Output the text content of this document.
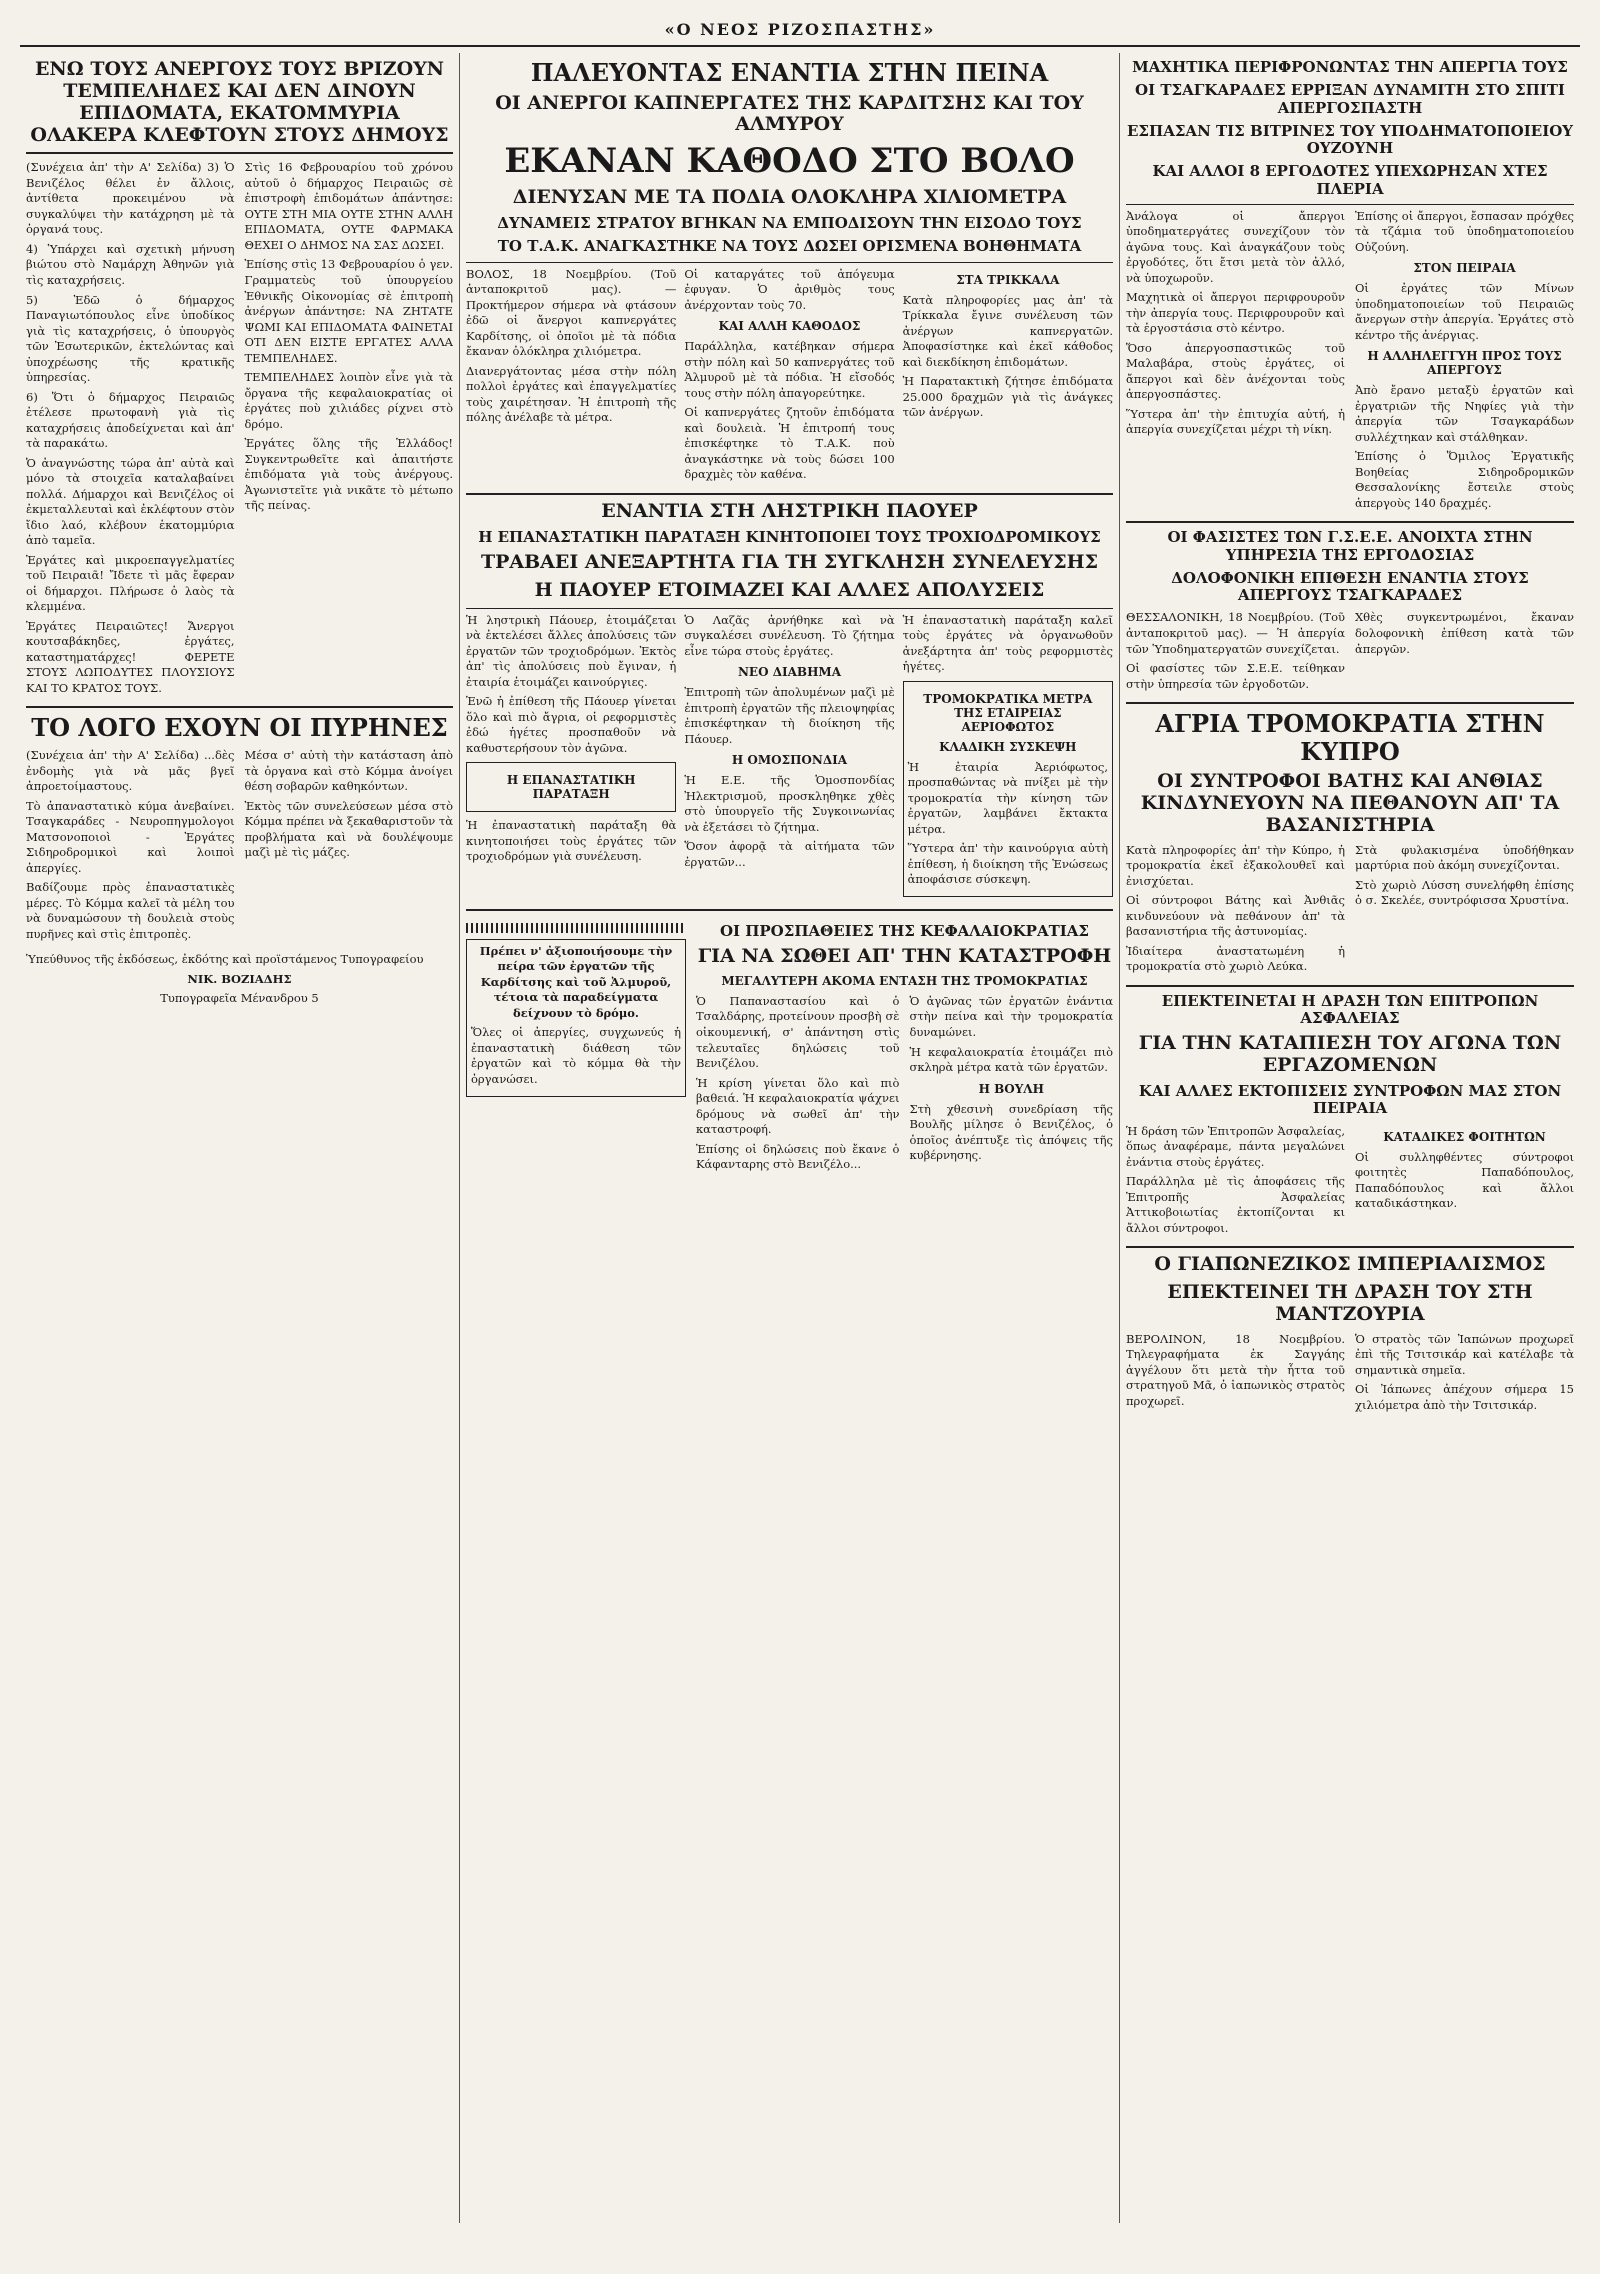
«Ο ΝΕΟΣ ΡΙΖΟΣΠΑΣΤΗΣ»
ΕΝΩ ΤΟΥΣ ΑΝΕΡΓΟΥΣ ΤΟΥΣ ΒΡΙΖΟΥΝ ΤΕΜΠΕΛΗΔΕΣ ΚΑΙ ΔΕΝ ΔΙΝΟΥΝ ΕΠΙΔΟΜΑΤΑ, ΕΚΑΤΟΜΜΥΡΙΑ ΟΛΑΚΕΡΑ ΚΛΕΦΤΟΥΝ ΣΤΟΥΣ ΔΗΜΟΥΣ

(Συνέχεια ἀπ' τὴν Α' Σελίδα) 3) Ὁ Βενιζέλος θέλει ἐν ἄλλοις, ἀντίθετα προκειμένου νὰ συγκαλύψει τὴν κατάχρηση μὲ τὰ ὀργανά τους.

4) Ὑπάρχει καὶ σχετικὴ μήνυση βιώτου στὸ Ναμάρχη Ἀθηνῶν γιὰ τὶς καταχρήσεις.

5) Ἐδῶ ὁ δήμαρχος Παναγιωτόπουλος εἶνε ὑποδίκος γιὰ τὶς καταχρήσεις, ὁ ὑπουργὸς τῶν Ἐσωτερικῶν, ἐκτελώντας καὶ ὑποχρέωσης τῆς κρατικῆς ὑπηρεσίας.

6) Ὅτι ὁ δήμαρχος Πειραιῶς ἐτέλεσε πρωτοφανὴ γιὰ τὶς καταχρήσεις ἀποδείχνεται καὶ ἀπ' τὰ παρακάτω.

Ὁ ἀναγνώστης τώρα ἀπ' αὐτὰ καὶ μόνο τὰ στοιχεῖα καταλαβαίνει πολλά. Δήμαρχοι καὶ Βενιζέλος οἱ ἐκμεταλλευταὶ καὶ ἐκλέφτουν στὸν ἴδιο λαό, κλέβουν ἑκατομμύρια ἀπὸ ταμεῖα.

Ἐργάτες καὶ μικροεπαγγελματίες τοῦ Πειραιᾶ! Ἴδετε τὶ μᾶς ἔφεραν οἱ δήμαρχοι. Πλήρωσε ὁ λαὸς τὰ κλεμμένα.

Ἐργάτες Πειραιῶτες! Ἄνεργοι κουτσαβάκηδες, ἐργάτες, καταστηματάρχες! ΦΕΡΕΤΕ ΣΤΟΥΣ ΛΩΠΟΔΥΤΕΣ ΠΛΟΥΣΙΟΥΣ ΚΑΙ ΤΟ ΚΡΑΤΟΣ ΤΟΥΣ.

Στὶς 16 Φεβρουαρίου τοῦ χρόνου αὐτοῦ ὁ δήμαρχος Πειραιῶς σὲ ἐπιστροφὴ ἐπιδομάτων ἀπάντησε: ΟΥΤΕ ΣΤΗ ΜΙΑ ΟΥΤΕ ΣΤΗΝ ΑΛΛΗ ΕΠΙΔΟΜΑΤΑ, ΟΥΤΕ ΦΑΡΜΑΚΑ ΘΕΧΕΙ Ο ΔΗΜΟΣ ΝΑ ΣΑΣ ΔΩΣΕΙ.

Ἐπίσης στὶς 13 Φεβρουαρίου ὁ γεν. Γραμματεὺς τοῦ ὑπουργείου Ἐθνικῆς Οἰκονομίας σὲ ἐπιτροπὴ ἀνέργων ἀπάντησε: ΝΑ ΖΗΤΑΤΕ ΨΩΜΙ ΚΑΙ ΕΠΙΔΟΜΑΤΑ ΦΑΙΝΕΤΑΙ ΟΤΙ ΔΕΝ ΕΙΣΤΕ ΕΡΓΑΤΕΣ ΑΛΛΑ ΤΕΜΠΕΛΗΔΕΣ.

ΤΕΜΠΕΛΗΔΕΣ λοιπὸν εἶνε γιὰ τὰ ὄργανα τῆς κεφαλαιοκρατίας οἱ ἐργάτες ποὺ χιλιάδες ρίχνει στὸ δρόμο.

Ἐργάτες ὅλης τῆς Ἑλλάδος! Συγκεντρωθεῖτε καὶ ἀπαιτήστε ἐπιδόματα γιὰ τοὺς ἀνέργους. Ἀγωνιστεῖτε γιὰ νικᾶτε τὸ μέτωπο τῆς πείνας.

ΤΟ ΛΟΓΟ ΕΧΟΥΝ ΟΙ ΠΥΡΗΝΕΣ

(Συνέχεια ἀπ' τὴν Α' Σελίδα) ...δὲς ἐνδομὴς γιὰ νὰ μᾶς βγεῖ ἀπροετοίμαστους.

Τὸ ἀπαναστατικὸ κύμα ἀνεβαίνει. Τσαγκαράδες - Νευροπηγμολογοι Ματσονοποιοὶ - Ἐργάτες Σιδηροδρομικοὶ καὶ λοιποὶ ἀπεργίες.

Βαδίζουμε πρὸς ἐπαναστατικὲς μέρες. Τὸ Κόμμα καλεῖ τὰ μέλη του νὰ δυναμώσουν τὴ δουλειὰ στοὺς πυρῆνες καὶ στὶς ἐπιτροπὲς.

Μέσα σ' αὐτὴ τὴν κατάσταση ἀπὸ τὰ ὀργανα καὶ στὸ Κόμμα ἀνοίγει θέση σοβαρῶν καθηκόντων.

Ἐκτὸς τῶν συνελεύσεων μέσα στὸ Κόμμα πρέπει νὰ ξεκαθαριστοῦν τὰ προβλήματα καὶ νὰ δουλέψουμε μαζὶ μὲ τὶς μάζες.

Ὑπεύθυνος τῆς ἐκδόσεως, ἐκδότης καὶ προϊστάμενος Τυπογραφείου

ΝΙΚ. ΒΟΖΙΑΔΗΣ

Τυπογραφεῖα Μένανδρου 5

ΠΑΛΕΥΟΝΤΑΣ ΕΝΑΝΤΙΑ ΣΤΗΝ ΠΕΙΝΑ
ΟΙ ΑΝΕΡΓΟΙ ΚΑΠΝΕΡΓΑΤΕΣ ΤΗΣ ΚΑΡΔΙΤΣΗΣ ΚΑΙ ΤΟΥ ΑΛΜΥΡΟΥ
ΕΚΑΝΑΝ ΚΑΘΟΔΟ ΣΤΟ ΒΟΛΟ
ΔΙΕΝΥΣΑΝ ΜΕ ΤΑ ΠΟΔΙΑ ΟΛΟΚΛΗΡΑ ΧΙΛΙΟΜΕΤΡΑ
ΔΥΝΑΜΕΙΣ ΣΤΡΑΤΟΥ ΒΓΗΚΑΝ ΝΑ ΕΜΠΟΔΙΣΟΥΝ ΤΗΝ ΕΙΣΟΔΟ ΤΟΥΣ
ΤΟ Τ.Α.Κ. ΑΝΑΓΚΑΣΤΗΚΕ ΝΑ ΤΟΥΣ ΔΩΣΕΙ ΟΡΙΣΜΕΝΑ ΒΟΗΘΗΜΑΤΑ

ΒΟΛΟΣ, 18 Νοεμβρίου. (Τοῦ ἀνταποκριτοῦ μας). — Προκτήμερον σήμερα νὰ φτάσουν ἐδῶ οἱ ἄνεργοι καπνεργάτες Καρδίτσης, οἱ ὁποῖοι μὲ τὰ πόδια ἔκαναν ὁλόκληρα χιλιόμετρα.

Διανεργάτοντας μέσα στὴν πόλη πολλοὶ ἐργάτες καὶ ἐπαγγελματίες τοὺς χαιρέτησαν. Ἡ ἐπιτροπὴ τῆς πόλης ἀνέλαβε τὰ μέτρα.

Οἱ καταργάτες τοῦ ἀπόγευμα ἐφυγαν. Ὁ ἀριθμὸς τους ἀνέρχονταν τοὺς 70.

ΚΑΙ ΑΛΛΗ ΚΑΘΟΔΟΣ

Παράλληλα, κατέβηκαν σήμερα στὴν πόλη καὶ 50 καπνεργάτες τοῦ Ἀλμυροῦ μὲ τὰ πόδια. Ἡ εἴσοδός τους στὴν πόλη ἀπαγορεύτηκε.

Οἱ καπνεργάτες ζητοῦν ἐπιδόματα καὶ δουλειὰ. Ἡ ἐπιτροπή τους ἐπισκέφτηκε τὸ Τ.Α.Κ. ποὺ ἀναγκάστηκε νὰ τοὺς δώσει 100 δραχμὲς τὸν καθένα.

ΣΤΑ ΤΡΙΚΚΑΛΑ

Κατὰ πληροφορίες μας ἀπ' τὰ Τρίκκαλα ἔγινε συνέλευση τῶν ἀνέργων καπνεργατῶν. Ἀποφασίστηκε καὶ ἐκεῖ κάθοδος καὶ διεκδίκηση ἐπιδομάτων.

Ἡ Παρατακτικὴ ζήτησε ἐπιδόματα 25.000 δραχμῶν γιὰ τὶς ἀνάγκες τῶν ἀνέργων.

ΕΝΑΝΤΙΑ ΣΤΗ ΛΗΣΤΡΙΚΗ ΠΑΟΥΕΡ
Η ΕΠΑΝΑΣΤΑΤΙΚΗ ΠΑΡΑΤΑΞΗ ΚΙΝΗΤΟΠΟΙΕΙ ΤΟΥΣ ΤΡΟΧΙΟΔΡΟΜΙΚΟΥΣ
ΤΡΑΒΑΕΙ ΑΝΕΞΑΡΤΗΤΑ ΓΙΑ ΤΗ ΣΥΓΚΛΗΣΗ ΣΥΝΕΛΕΥΣΗΣ
Η ΠΑΟΥΕΡ ΕΤΟΙΜΑΖΕΙ ΚΑΙ ΑΛΛΕΣ ΑΠΟΛΥΣΕΙΣ

Ἡ ληστρικὴ Πάουερ, ἑτοιμάζεται νὰ ἐκτελέσει ἄλλες ἀπολύσεις τῶν ἐργατῶν τῶν τροχιοδρόμων. Ἐκτὸς ἀπ' τὶς ἀπολύσεις ποὺ ἔγιναν, ἡ ἐταιρία ἑτοιμάζει καινούργιες.

Ἐνῶ ἡ ἐπίθεση τῆς Πάουερ γίνεται ὅλο καὶ πιὸ ἄγρια, οἱ ρεφορμιστὲς ἐδώ ἡγέτες προσπαθοῦν νὰ καθυστερήσουν τὸν ἀγῶνα.

Η ΕΠΑΝΑΣΤΑΤΙΚΗ ΠΑΡΑΤΑΞΗ

Ἡ ἐπαναστατικὴ παράταξη θὰ κινητοποιήσει τοὺς ἐργάτες τῶν τροχιοδρόμων γιὰ συνέλευση.

Ὁ Λαζᾶς ἀρνήθηκε καὶ νὰ συγκαλέσει συνέλευση. Τὸ ζήτημα εἶνε τώρα στοὺς ἐργάτες.

ΝΕΟ ΔΙΑΒΗΜΑ

Ἐπιτροπὴ τῶν ἀπολυμένων μαζὶ μὲ ἐπιτροπὴ ἐργατῶν τῆς πλειοψηφίας ἐπισκέφτηκαν τὴ διοίκηση τῆς Πάουερ.

Η ΟΜΟΣΠΟΝΔΙΑ

Ἡ Ε.Ε. τῆς Ὁμοσπονδίας Ἠλεκτρισμοῦ, προσκληθηκε χθὲς στὸ ὑπουργεῖο τῆς Συγκοινωνίας νὰ ἐξετάσει τὸ ζήτημα.

Ὅσον ἀφορᾷ τὰ αἰτήματα τῶν ἐργατῶν...

Ἡ ἐπαναστατικὴ παράταξη καλεῖ τοὺς ἐργάτες νὰ ὀργανωθοῦν ἀνεξάρτητα ἀπ' τοὺς ρεφορμιστὲς ἡγέτες.

ΤΡΟΜΟΚΡΑΤΙΚΑ ΜΕΤΡΑ ΤΗΣ ΕΤΑΙΡΕΙΑΣ ΑΕΡΙΟΦΩΤΟΣ
ΚΛΑΔΙΚΗ ΣΥΣΚΕΨΗ

Ἡ ἐταιρία Ἀεριόφωτος, προσπαθώντας νὰ πνίξει μὲ τὴν τρομοκρατία τὴν κίνηση τῶν ἐργατῶν, λαμβάνει ἔκτακτα μέτρα.

Ὕστερα ἀπ' τὴν καινούργια αὐτὴ ἐπίθεση, ἡ διοίκηση τῆς Ἑνώσεως ἀποφάσισε σύσκεψη.

Πρέπει ν' ἀξιοποιήσουμε τὴν πείρα τῶν ἐργατῶν τῆς Καρδίτσης καὶ τοῦ Ἀλμυροῦ, τέτοια τὰ παραδείγματα δείχνουν τὸ δρόμο.

Ὅλες οἱ ἀπεργίες, συγχωνεύς ἡ ἐπαναστατικὴ διάθεση τῶν ἐργατῶν καὶ τὸ κόμμα θὰ τὴν ὀργανώσει.

ΟΙ ΠΡΟΣΠΑΘΕΙΕΣ ΤΗΣ ΚΕΦΑΛΑΙΟΚΡΑΤΙΑΣ
ΓΙΑ ΝΑ ΣΩΘΕΙ ΑΠ' ΤΗΝ ΚΑΤΑΣΤΡΟΦΗ
ΜΕΓΑΛΥΤΕΡΗ ΑΚΟΜΑ ΕΝΤΑΣΗ ΤΗΣ ΤΡΟΜΟΚΡΑΤΙΑΣ

Ὁ Παπαναστασίου καὶ ὁ Τσαλδάρης, προτείνουν προσβὴ σὲ οἰκουμενική, σ' ἀπάντηση στὶς τελευταῖες δηλώσεις τοῦ Βενιζέλου.

Ἡ κρίση γίνεται ὅλο καὶ πιὸ βαθειά. Ἡ κεφαλαιοκρατία ψάχνει δρόμους νὰ σωθεῖ ἀπ' τὴν καταστροφή.

Ἐπίσης οἱ δηλώσεις ποὺ ἔκανε ὁ Κάφανταρης στὸ Βενιζέλο...

Ὁ ἀγῶνας τῶν ἐργατῶν ἐνάντια στὴν πείνα καὶ τὴν τρομοκρατία δυναμώνει.

Ἡ κεφαλαιοκρατία ἑτοιμάζει πιὸ σκληρὰ μέτρα κατὰ τῶν ἐργατῶν.

Η ΒΟΥΛΗ

Στὴ χθεσινὴ συνεδρίαση τῆς Βουλῆς μίλησε ὁ Βενιζέλος, ὁ ὁποῖος ἀνέπτυξε τὶς ἀπόψεις τῆς κυβέρνησης.

ΜΑΧΗΤΙΚΑ ΠΕΡΙΦΡΟΝΩΝΤΑΣ ΤΗΝ ΑΠΕΡΓΙΑ ΤΟΥΣ
ΟΙ ΤΣΑΓΚΑΡΑΔΕΣ ΕΡΡΙΞΑΝ ΔΥΝΑΜΙΤΗ ΣΤΟ ΣΠΙΤΙ ΑΠΕΡΓΟΣΠΑΣΤΗ
ΕΣΠΑΣΑΝ ΤΙΣ ΒΙΤΡΙΝΕΣ ΤΟΥ ΥΠΟΔΗΜΑΤΟΠΟΙΕΙΟΥ ΟΥΖΟΥΝΗ
ΚΑΙ ΑΛΛΟΙ 8 ΕΡΓΟΔΟΤΕΣ ΥΠΕΧΩΡΗΣΑΝ ΧΤΕΣ ΠΛΕΡΙΑ

Ἀνάλογα οἱ ἄπεργοι ὑποδηματεργάτες συνεχίζουν τὸν ἀγῶνα τους. Καὶ ἀναγκάζουν τοὺς ἐργοδότες, ὅτι ἔτσι μετὰ τὸν ἀλλό, νὰ ὑποχωροῦν.

Μαχητικὰ οἱ ἄπεργοι περιφρουροῦν τὴν ἀπεργία τους. Περιφρουροῦν καὶ τὰ ἐργοστάσια στὸ κέντρο.

Ὅσο ἀπεργοσπαστικῶς τοῦ Μαλαβάρα, στοὺς ἐργάτες, οἱ ἄπεργοι καὶ δὲν ἀνέχονται τοὺς ἀπεργοσπάστες.

Ὕστερα ἀπ' τὴν ἐπιτυχία αὐτή, ἡ ἀπεργία συνεχίζεται μέχρι τὴ νίκη.

Ἐπίσης οἱ ἄπεργοι, ἔσπασαν πρόχθες τὰ τζάμια τοῦ ὑποδηματοποιείου Οὐζούνη.

ΣΤΟΝ ΠΕΙΡΑΙΑ

Οἱ ἐργάτες τῶν Μίνων ὑποδηματοποιείων τοῦ Πειραιῶς ἄνεργων στὴν ἀπεργία. Ἐργάτες στὸ κέντρο τῆς ἀνέργιας.

Η ΑΛΛΗΛΕΓΓΥΗ ΠΡΟΣ ΤΟΥΣ ΑΠΕΡΓΟΥΣ

Ἀπὸ ἔρανο μεταξὺ ἐργατῶν καὶ ἐργατριῶν τῆς Νηφίες γιὰ τὴν ἀπεργία τῶν Τσαγκαράδων συλλέχτηκαν καὶ στάλθηκαν.

Ἐπίσης ὁ Ὅμιλος Ἐργατικῆς Βοηθείας Σιδηροδρομικῶν Θεσσαλονίκης ἔστειλε στοὺς ἀπεργοὺς 140 δραχμές.

ΟΙ ΦΑΣΙΣΤΕΣ ΤΩΝ Γ.Σ.Ε.Ε. ΑΝΟΙΧΤΑ ΣΤΗΝ ΥΠΗΡΕΣΙΑ ΤΗΣ ΕΡΓΟΔΟΣΙΑΣ
ΔΟΛΟΦΟΝΙΚΗ ΕΠΙΘΕΣΗ ΕΝΑΝΤΙΑ ΣΤΟΥΣ ΑΠΕΡΓΟΥΣ ΤΣΑΓΚΑΡΑΔΕΣ

ΘΕΣΣΑΛΟΝΙΚΗ, 18 Νοεμβρίου. (Τοῦ ἀνταποκριτοῦ μας). — Ἡ ἀπεργία τῶν Ὑποδηματεργατῶν συνεχίζεται.

Οἱ φασίστες τῶν Σ.Ε.Ε. τείθηκαν στὴν ὑπηρεσία τῶν ἐργοδοτῶν.

Χθὲς συγκεντρωμένοι, ἔκαναν δολοφονικὴ ἐπίθεση κατὰ τῶν ἀπεργῶν.

ΑΓΡΙΑ ΤΡΟΜΟΚΡΑΤΙΑ ΣΤΗΝ ΚΥΠΡΟ
ΟΙ ΣΥΝΤΡΟΦΟΙ ΒΑΤΗΣ ΚΑΙ ΑΝΘΙΑΣ ΚΙΝΔΥΝΕΥΟΥΝ ΝΑ ΠΕΘΑΝΟΥΝ ΑΠ' ΤΑ ΒΑΣΑΝΙΣΤΗΡΙΑ

Κατὰ πληροφορίες ἀπ' τὴν Κύπρο, ἡ τρομοκρατία ἐκεῖ ἐξακολουθεῖ καὶ ἐνισχύεται.

Οἱ σύντροφοι Βάτης καὶ Ἀνθιᾶς κινδυνεύουν νὰ πεθάνουν ἀπ' τὰ βασανιστήρια τῆς ἀστυνομίας.

Ἰδιαίτερα ἀναστατωμένη ἡ τρομοκρατία στὸ χωριὸ Λεύκα.

Στὰ φυλακισμένα ὑποδήθηκαν μαρτύρια ποὺ ἀκόμη συνεχίζονται.

Στὸ χωριὸ Λύσση συνελήφθη ἐπίσης ὁ σ. Σκελέε, συντρόφισσα Χρυστίνα.

ΕΠΕΚΤΕΙΝΕΤΑΙ Η ΔΡΑΣΗ ΤΩΝ ΕΠΙΤΡΟΠΩΝ ΑΣΦΑΛΕΙΑΣ
ΓΙΑ ΤΗΝ ΚΑΤΑΠΙΕΣΗ ΤΟΥ ΑΓΩΝΑ ΤΩΝ ΕΡΓΑΖΟΜΕΝΩΝ
ΚΑΙ ΑΛΛΕΣ ΕΚΤΟΠΙΣΕΙΣ ΣΥΝΤΡΟΦΩΝ ΜΑΣ ΣΤΟΝ ΠΕΙΡΑΙΑ

Ἡ δράση τῶν Ἐπιτροπῶν Ἀσφαλείας, ὅπως ἀναφέραμε, πάντα μεγαλώνει ἐνάντια στοὺς ἐργάτες.

Παράλληλα μὲ τὶς ἀποφάσεις τῆς Ἐπιτροπῆς Ἀσφαλείας Ἀττικοβοιωτίας ἐκτοπίζονται κι ἄλλοι σύντροφοι.

ΚΑΤΑΔΙΚΕΣ ΦΟΙΤΗΤΩΝ

Οἱ συλληφθέντες σύντροφοι φοιτητὲς Παπαδόπουλος, Παπαδόπουλος καὶ ἄλλοι καταδικάστηκαν.

Ο ΓΙΑΠΩΝΕΖΙΚΟΣ ΙΜΠΕΡΙΑΛΙΣΜΟΣ
ΕΠΕΚΤΕΙΝΕΙ ΤΗ ΔΡΑΣΗ ΤΟΥ ΣΤΗ ΜΑΝΤΖΟΥΡΙΑ

ΒΕΡΟΛΙΝΟΝ, 18 Νοεμβρίου. Τηλεγραφήματα ἐκ Σαγγάης ἀγγέλουν ὅτι μετὰ τὴν ἧττα τοῦ στρατηγοῦ Μᾶ, ὁ ἰαπωνικὸς στρατὸς προχωρεῖ.

Ὁ στρατὸς τῶν Ἰαπώνων προχωρεῖ ἐπὶ τῆς Τσιτσικάρ καὶ κατέλαβε τὰ σημαντικὰ σημεῖα.

Οἱ Ἰάπωνες ἀπέχουν σήμερα 15 χιλιόμετρα ἀπὸ τὴν Τσιτσικάρ.
